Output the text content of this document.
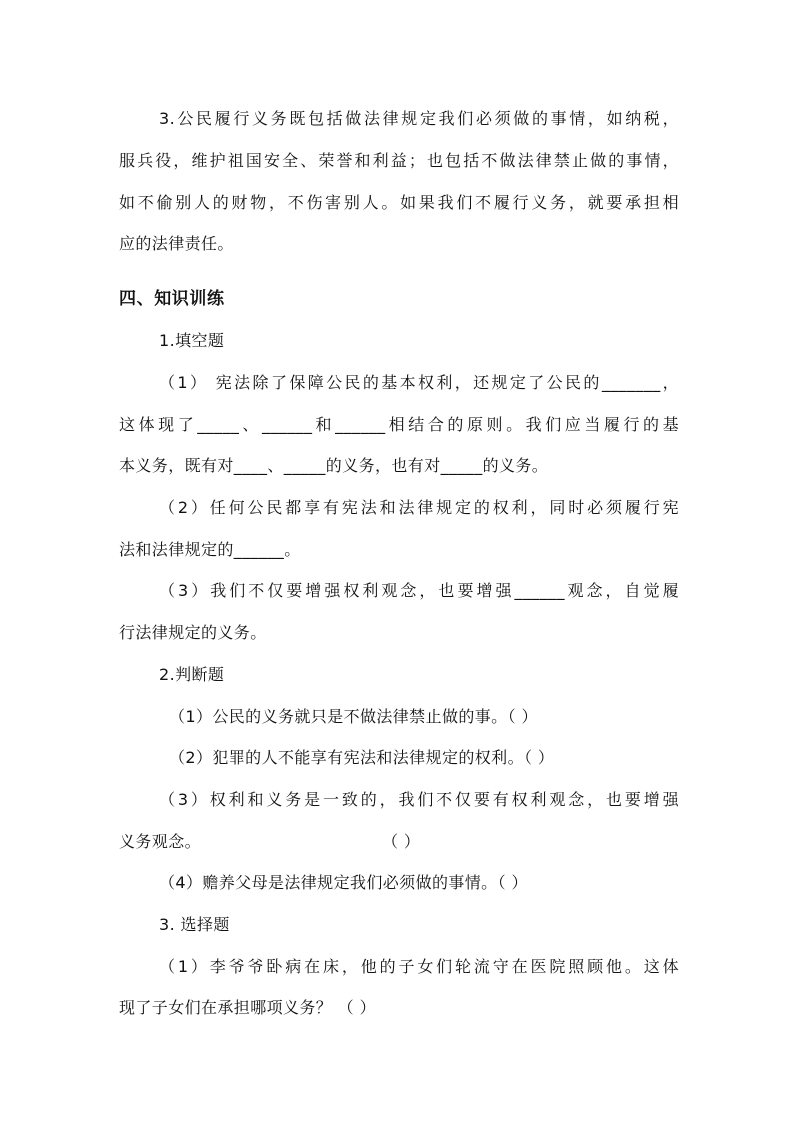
3.公民履行义务既包括做法律规定我们必须做的事情，如纳税，
服兵役，维护祖国安全、荣誉和利益；也包括不做法律禁止做的事情，
如不偷别人的财物，不伤害别人。如果我们不履行义务，就要承担相
应的法律责任。
四、知识训练
1.填空题
（1） 宪法除了保障公民的基本权利，还规定了公民的_______，
这体现了_____、______和______相结合的原则。我们应当履行的基
本义务，既有对____、_____的义务，也有对_____的义务。
（2）任何公民都享有宪法和法律规定的权利，同时必须履行宪
法和法律规定的______。
（3）我们不仅要增强权利观念，也要增强______观念，自觉履
行法律规定的义务。
2.判断题
（1）公民的义务就只是不做法律禁止做的事。（ ）
（2）犯罪的人不能享有宪法和法律规定的权利。（ ）
（3）权利和义务是一致的，我们不仅要有权利观念，也要增强
义务观念。	（ ）
（4）赡养父母是法律规定我们必须做的事情。（ ）
3. 选择题
（1）李爷爷卧病在床，他的子女们轮流守在医院照顾他。这体
现了子女们在承担哪项义务？ （ ）
